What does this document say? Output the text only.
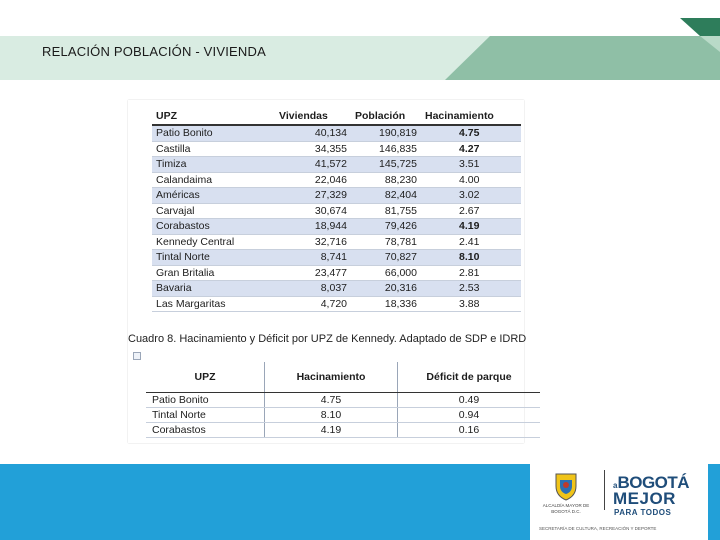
RELACIÓN POBLACIÓN - VIVIENDA
UPZ	Viviendas	Población	Hacinamiento
Patio Bonito	40,134	190,819	4.75
Castilla	34,355	146,835	4.27
Timiza	41,572	145,725	3.51
Calandaima	22,046	88,230	4.00
Américas	27,329	82,404	3.02
Carvajal	30,674	81,755	2.67
Corabastos	18,944	79,426	4.19
Kennedy Central	32,716	78,781	2.41
Tintal Norte	8,741	70,827	8.10
Gran Britalia	23,477	66,000	2.81
Bavaria	8,037	20,316	2.53
Las Margaritas	4,720	18,336	3.88
Cuadro 8. Hacinamiento y Déficit por UPZ de Kennedy. Adaptado de SDP e IDRD
UPZ	Hacinamiento	Déficit de parque
Patio Bonito	4.75	0.49
Tintal Norte	8.10	0.94
Corabastos	4.19	0.16
ALCALDÍA MAYOR DE BOGOTÁ D.C.
aBOGOTÁ
MEJOR
PARA TODOS
SECRETARÍA DE CULTURA, RECREACIÓN Y DEPORTE
IMG.PR.01.01.F1 V.7
